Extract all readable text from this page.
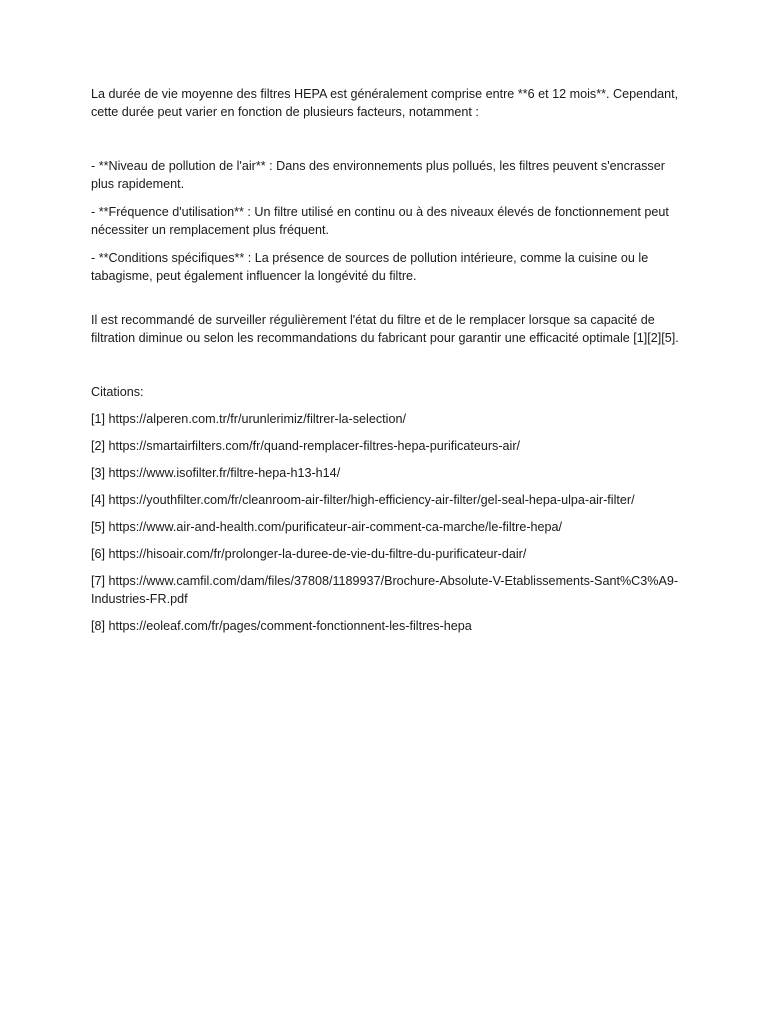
La durée de vie moyenne des filtres HEPA est généralement comprise entre **6 et 12 mois**. Cependant, cette durée peut varier en fonction de plusieurs facteurs, notamment :

- **Niveau de pollution de l'air** : Dans des environnements plus pollués, les filtres peuvent s'encrasser plus rapidement.

- **Fréquence d'utilisation** : Un filtre utilisé en continu ou à des niveaux élevés de fonctionnement peut nécessiter un remplacement plus fréquent.

- **Conditions spécifiques** : La présence de sources de pollution intérieure, comme la cuisine ou le tabagisme, peut également influencer la longévité du filtre.

Il est recommandé de surveiller régulièrement l'état du filtre et de le remplacer lorsque sa capacité de filtration diminue ou selon les recommandations du fabricant pour garantir une efficacité optimale [1][2][5].

Citations:

[1] https://alperen.com.tr/fr/urunlerimiz/filtrer-la-selection/

[2] https://smartairfilters.com/fr/quand-remplacer-filtres-hepa-purificateurs-air/

[3] https://www.isofilter.fr/filtre-hepa-h13-h14/

[4] https://youthfilter.com/fr/cleanroom-air-filter/high-efficiency-air-filter/gel-seal-hepa-ulpa-air-filter/

[5] https://www.air-and-health.com/purificateur-air-comment-ca-marche/le-filtre-hepa/

[6] https://hisoair.com/fr/prolonger-la-duree-de-vie-du-filtre-du-purificateur-dair/

[7] https://www.camfil.com/dam/files/37808/1189937/Brochure-Absolute-V-Etablissements-Sant%C3%A9-Industries-FR.pdf

[8] https://eoleaf.com/fr/pages/comment-fonctionnent-les-filtres-hepa
